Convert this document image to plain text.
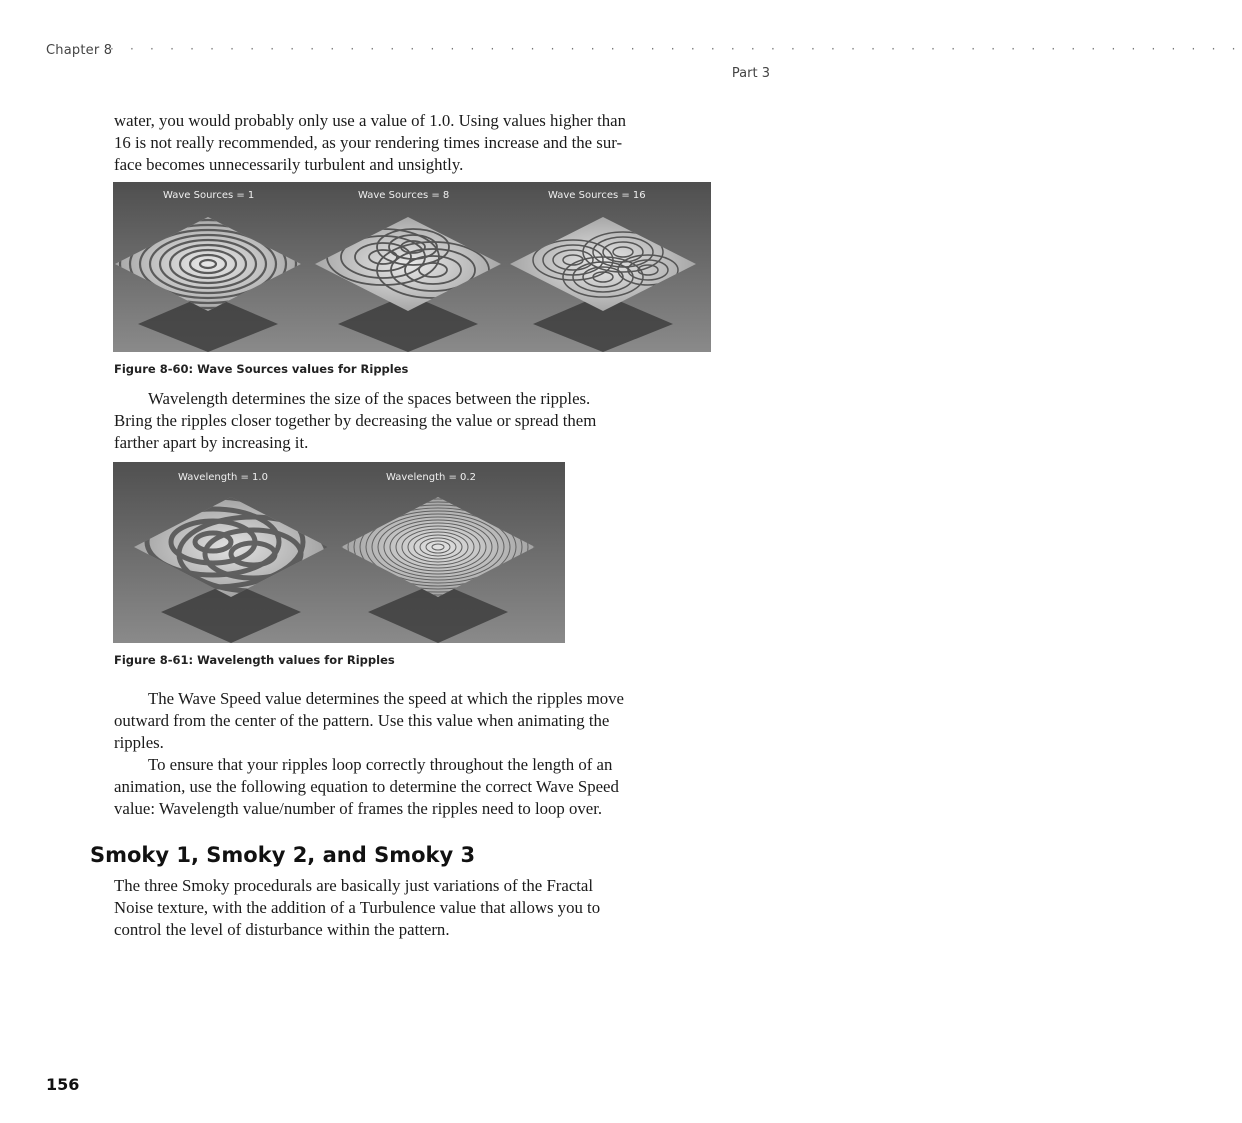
Chapter 8
· · · · · · · · · · · · · · · · · · · · · · · · · · · · · · · · · · · · · · · · · · · · · · · · · · · · · · · · ·
Part 3

water, you would probably only use a value of 1.0. Using values higher than
16 is not really recommended, as your rendering times increase and the sur-
face becomes unnecessarily turbulent and unsightly.

Wave Sources = 1	Wave Sources = 8	Wave Sources = 16
Figure 8-60: Wave Sources values for Ripples

Wavelength determines the size of the spaces between the ripples.
Bring the ripples closer together by decreasing the value or spread them
farther apart by increasing it.

Wavelength = 1.0	Wavelength = 0.2
Figure 8-61: Wavelength values for Ripples

The Wave Speed value determines the speed at which the ripples move
outward from the center of the pattern. Use this value when animating the
ripples.

To ensure that your ripples loop correctly throughout the length of an
animation, use the following equation to determine the correct Wave Speed
value: Wavelength value/number of frames the ripples need to loop over.

Smoky 1, Smoky 2, and Smoky 3

The three Smoky procedurals are basically just variations of the Fractal
Noise texture, with the addition of a Turbulence value that allows you to
control the level of disturbance within the pattern.

156
